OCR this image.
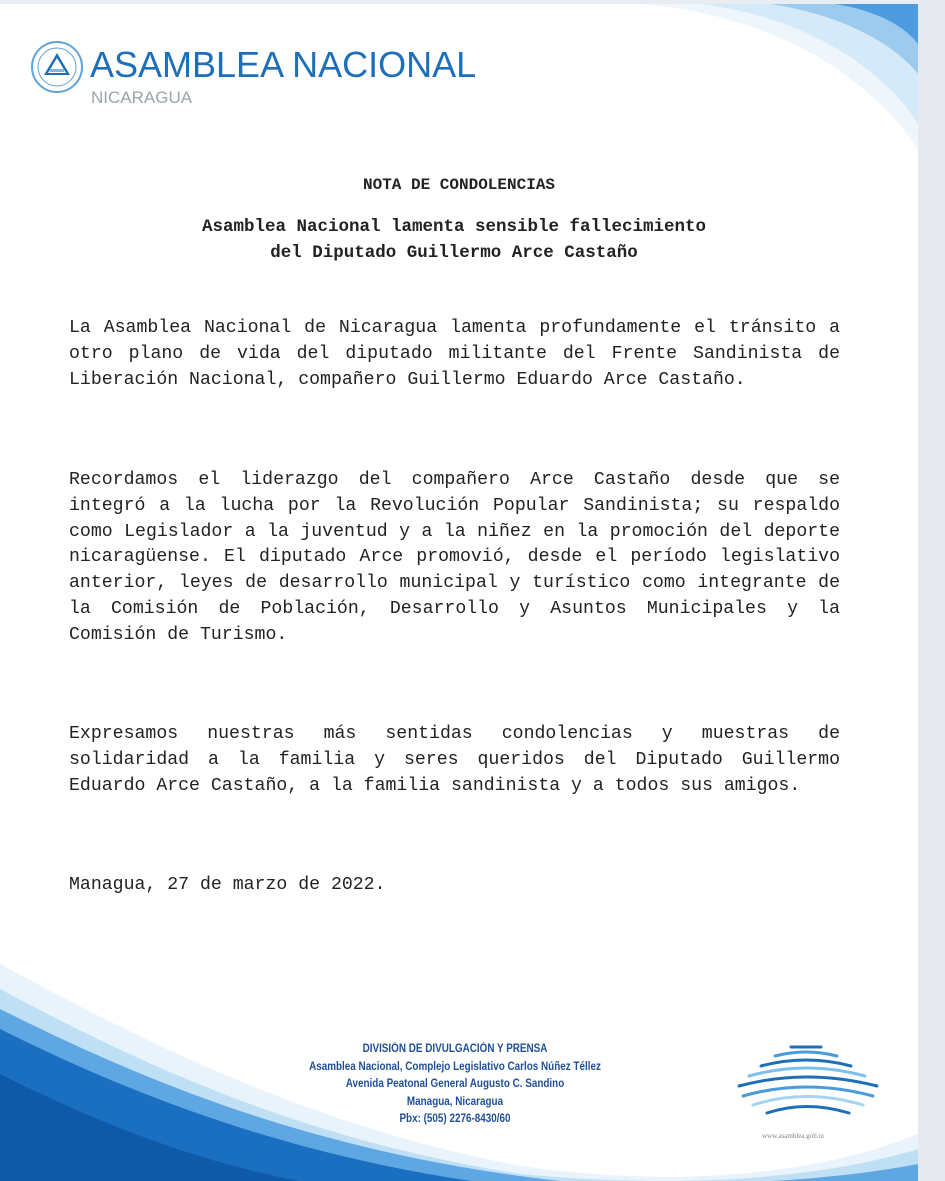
ASAMBLEA NACIONAL

NICARAGUA

NOTA DE CONDOLENCIAS
Asamblea Nacional lamenta sensible fallecimiento
del Diputado Guillermo Arce Castaño

La Asamblea Nacional de Nicaragua lamenta profundamente el tránsito a otro plano de vida del diputado militante del Frente Sandinista de Liberación Nacional, compañero Guillermo Eduardo Arce Castaño.

Recordamos el liderazgo del compañero Arce Castaño desde que se integró a la lucha por la Revolución Popular Sandinista; su respaldo como Legislador a la juventud y a la niñez en la promoción del deporte nicaragüense. El diputado Arce promovió, desde el período legislativo anterior, leyes de desarrollo municipal y turístico como integrante de la Comisión de Población, Desarrollo y Asuntos Municipales y la Comisión de Turismo.

Expresamos nuestras más sentidas condolencias y muestras de solidaridad a la familia y seres queridos del Diputado Guillermo Eduardo Arce Castaño, a la familia sandinista y a todos sus amigos.

Managua, 27 de marzo de 2022.

DIVISIÓN DE DIVULGACIÓN Y PRENSA
Asamblea Nacional, Complejo Legislativo Carlos Núñez Téllez
Avenida Peatonal General Augusto C. Sandino
Managua, Nicaragua
Pbx: (505) 2276-8430/60

www.asamblea.gob.ni
